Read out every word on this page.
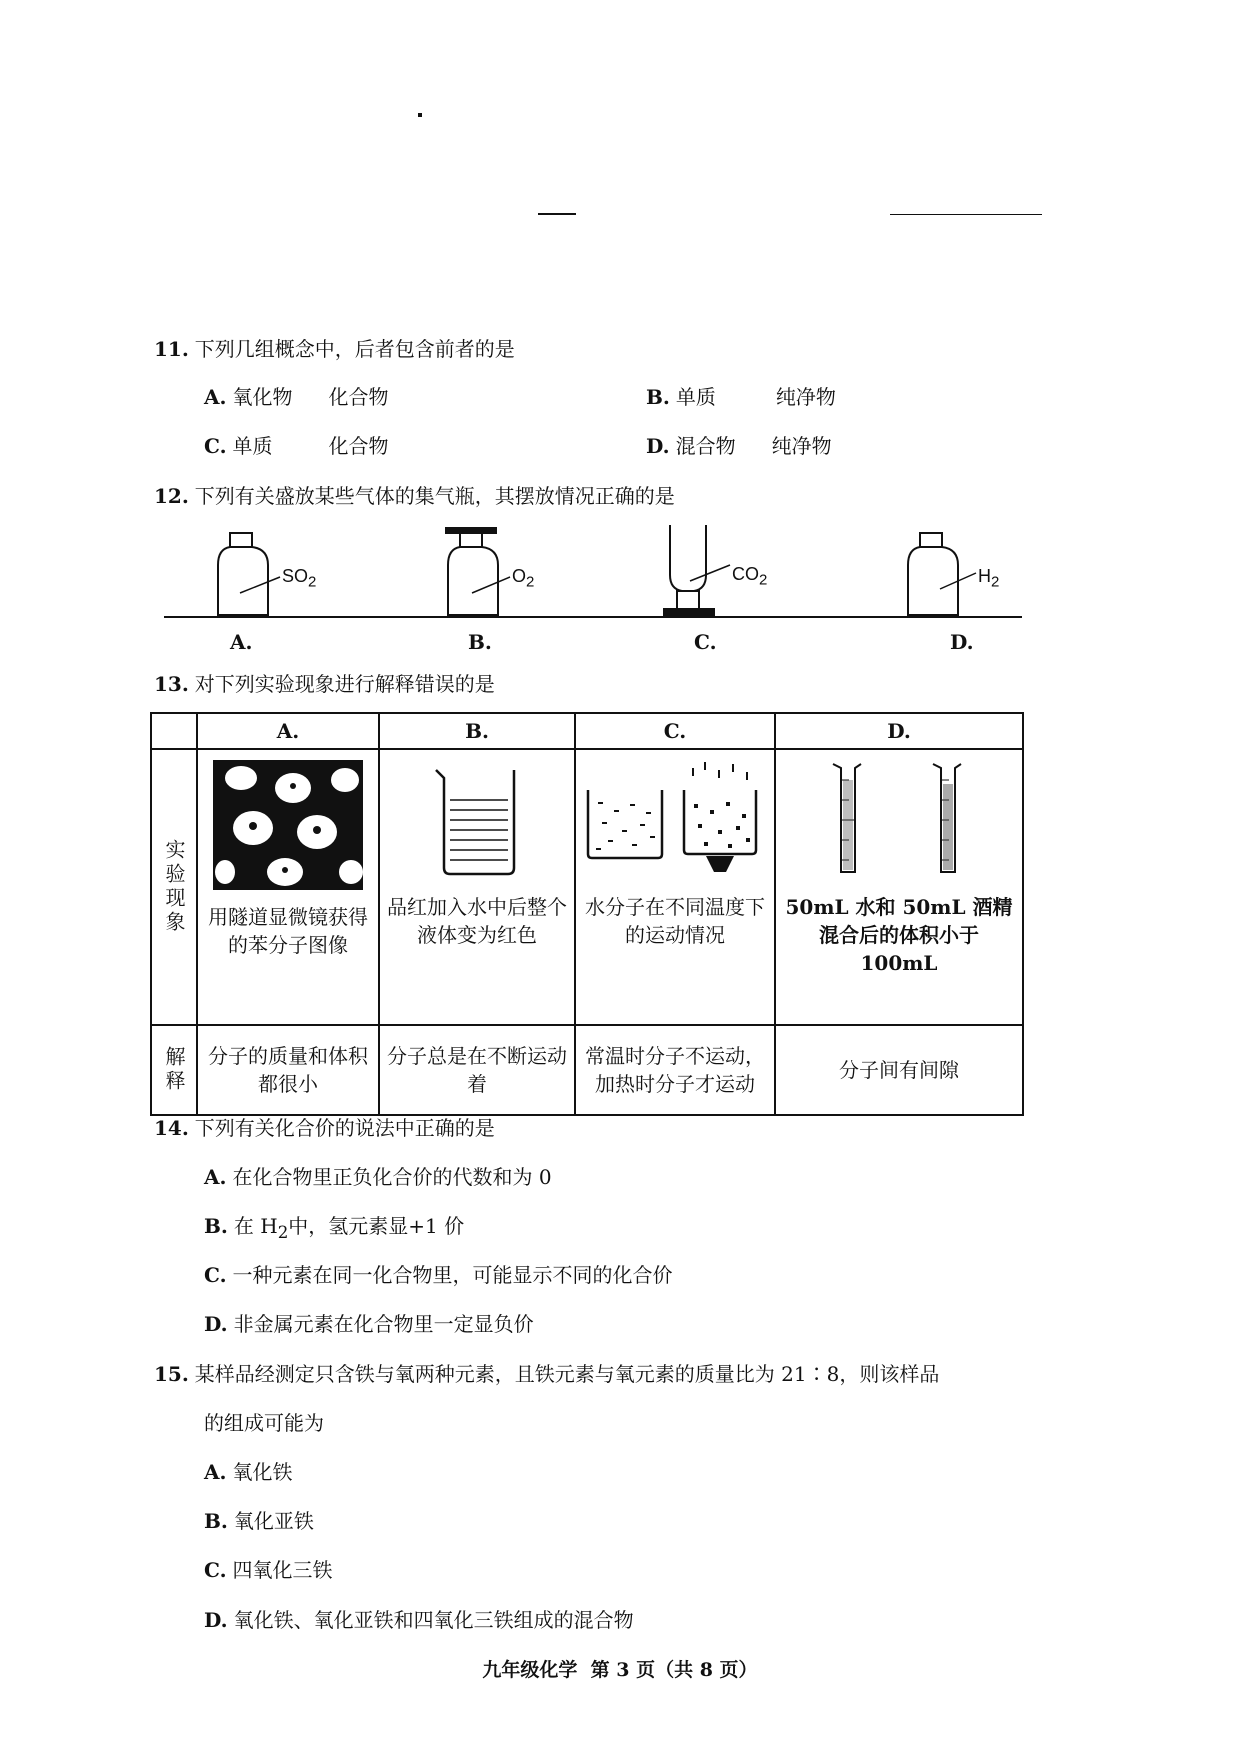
11. 下列几组概念中，后者包含前者的是
A. 氧化物 化合物	B. 单质	纯净物
C. 单质	化合物	D. 混合物 纯净物
12. 下列有关盛放某些气体的集气瓶，其摆放情况正确的是
$SO_2$	$O_2$	$CO_2$	$H_2$
A.	B.	C.	D.
13. 对下列实验现象进行解释错误的是
	A.	B.	C.	D.
实验现象	用隧道显微镜获得的苯分子图像	品红加入水中后整个液体变为红色	水分子在不同温度下的运动情况	50mL 水和 50mL 酒精混合后的体积小于 100mL

解释	分子的质量和体积都很小	分子总是在不断运动着	常温时分子不运动，加热时分子才运动	分子间有间隙
14. 下列有关化合价的说法中正确的是
A. 在化合物里正负化合价的代数和为 0
B. 在 $H_2$中，氢元素显+1 价
C. 一种元素在同一化合物里，可能显示不同的化合价
D. 非金属元素在化合物里一定显负价
15. 某样品经测定只含铁与氧两种元素，且铁元素与氧元素的质量比为 21∶8，则该样品
的组成可能为
A. 氧化铁
B. 氧化亚铁
C. 四氧化三铁
D. 氧化铁、氧化亚铁和四氧化三铁组成的混合物
九年级化学  第 3 页（共 8 页）
